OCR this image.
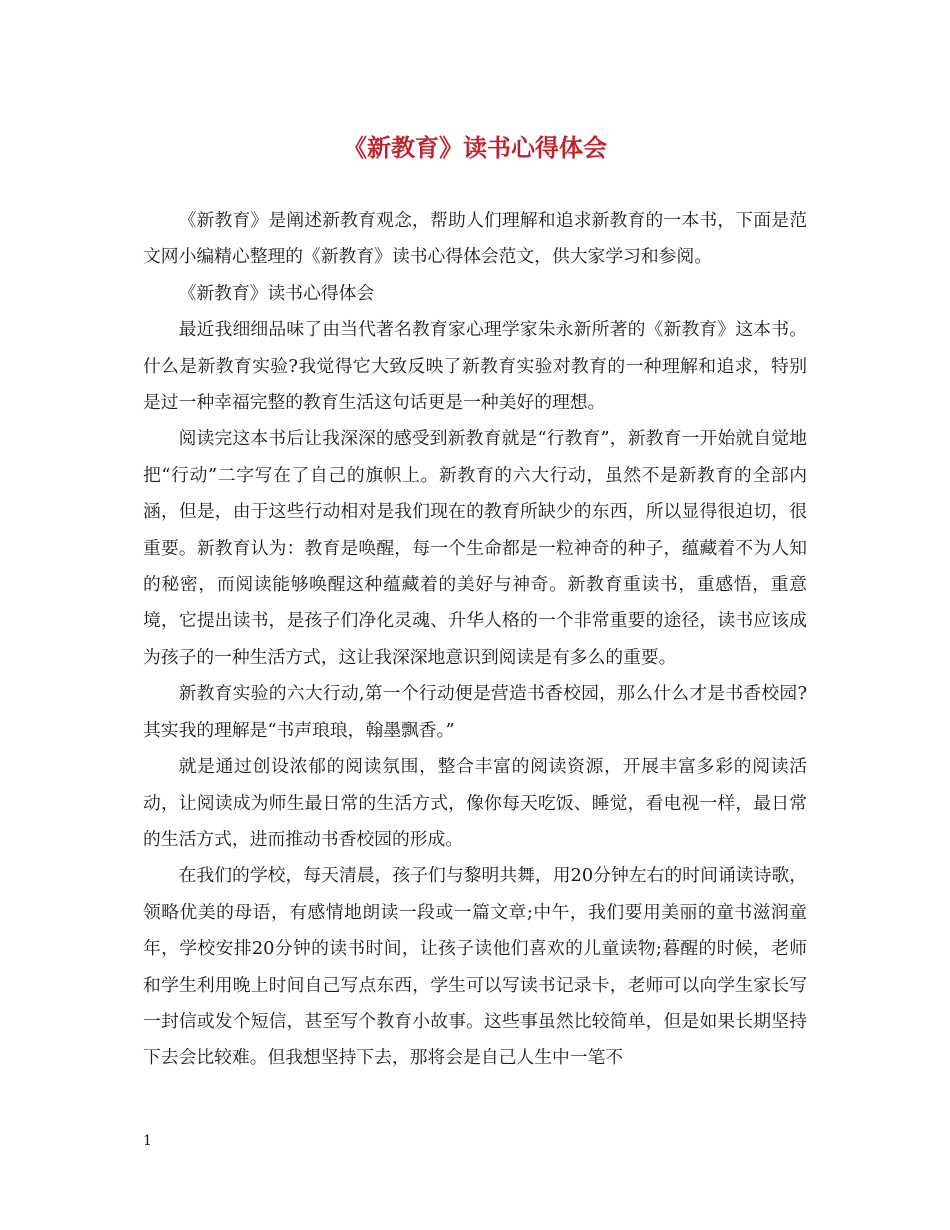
《新教育》读书心得体会

《新教育》是阐述新教育观念，帮助人们理解和追求新教育的一本书，下面是范文网小编精心整理的《新教育》读书心得体会范文，供大家学习和参阅。

《新教育》读书心得体会

最近我细细品味了由当代著名教育家心理学家朱永新所著的《新教育》这本书。什么是新教育实验?我觉得它大致反映了新教育实验对教育的一种理解和追求，特别是过一种幸福完整的教育生活这句话更是一种美好的理想。

阅读完这本书后让我深深的感受到新教育就是“行教育”，新教育一开始就自觉地把“行动”二字写在了自己的旗帜上。新教育的六大行动，虽然不是新教育的全部内涵，但是，由于这些行动相对是我们现在的教育所缺少的东西，所以显得很迫切，很重要。新教育认为：教育是唤醒，每一个生命都是一粒神奇的种子，蕴藏着不为人知的秘密，而阅读能够唤醒这种蕴藏着的美好与神奇。新教育重读书，重感悟，重意境，它提出读书，是孩子们净化灵魂、升华人格的一个非常重要的途径，读书应该成为孩子的一种生活方式，这让我深深地意识到阅读是有多么的重要。

新教育实验的六大行动,第一个行动便是营造书香校园，那么什么才是书香校园?其实我的理解是“书声琅琅，翰墨飘香。”

就是通过创设浓郁的阅读氛围，整合丰富的阅读资源，开展丰富多彩的阅读活动，让阅读成为师生最日常的生活方式，像你每天吃饭、睡觉，看电视一样，最日常的生活方式，进而推动书香校园的形成。

在我们的学校，每天清晨，孩子们与黎明共舞，用20分钟左右的时间诵读诗歌，领略优美的母语，有感情地朗读一段或一篇文章;中午，我们要用美丽的童书滋润童年，学校安排20分钟的读书时间，让孩子读他们喜欢的儿童读物;暮醒的时候，老师和学生利用晚上时间自己写点东西，学生可以写读书记录卡，老师可以向学生家长写一封信或发个短信，甚至写个教育小故事。这些事虽然比较简单，但是如果长期坚持下去会比较难。但我想坚持下去，那将会是自己人生中一笔不

1
